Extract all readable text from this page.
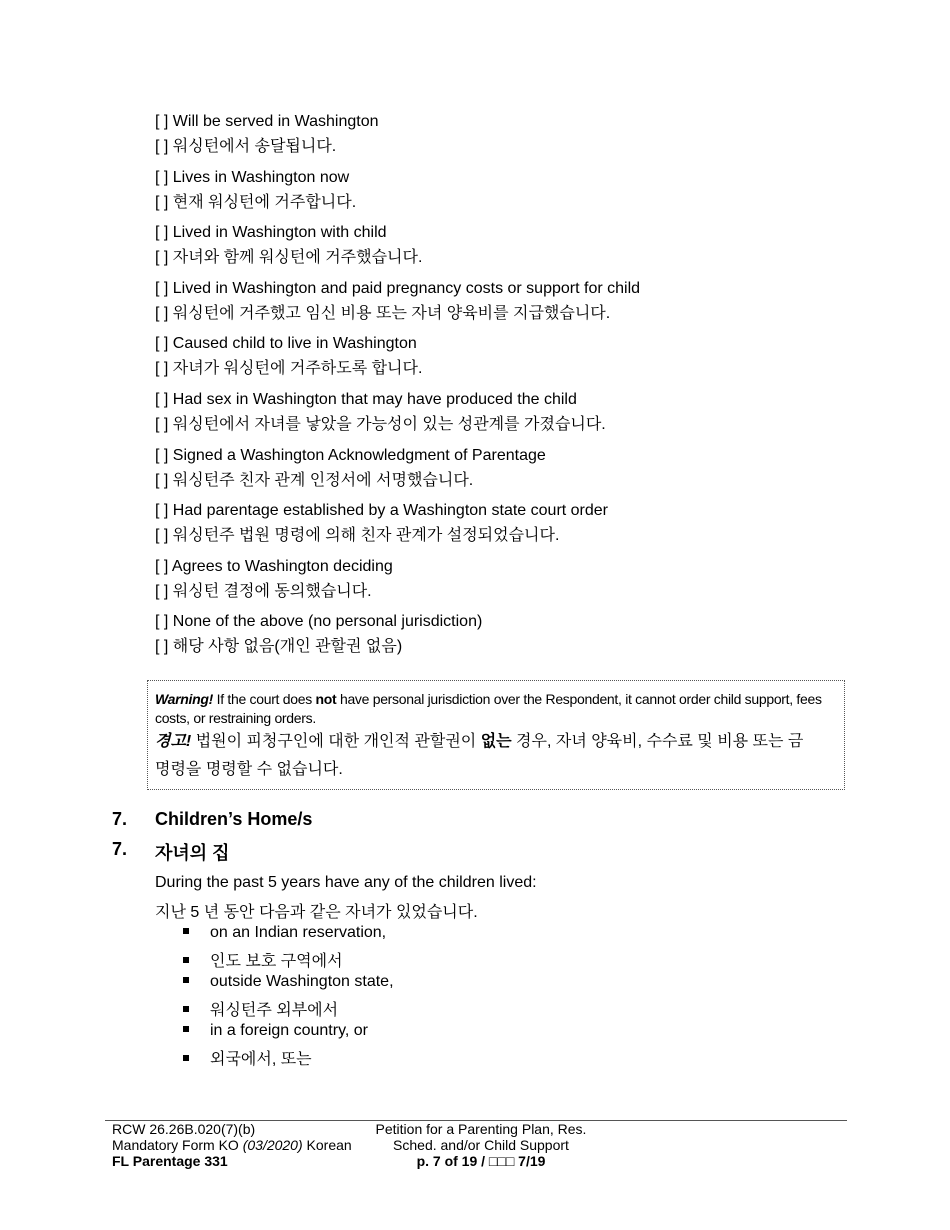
[ ] Will be served in Washington
[ ] 워싱턴에서 송달됩니다.
[ ] Lives in Washington now
[ ] 현재 워싱턴에 거주합니다.
[ ] Lived in Washington with child
[ ] 자녀와 함께 워싱턴에 거주했습니다.
[ ] Lived in Washington and paid pregnancy costs or support for child
[ ] 워싱턴에 거주했고 임신 비용 또는 자녀 양육비를 지급했습니다.
[ ] Caused child to live in Washington
[ ] 자녀가 워싱턴에 거주하도록 합니다.
[ ] Had sex in Washington that may have produced the child
[ ] 워싱턴에서 자녀를 낳았을 가능성이 있는 성관계를 가졌습니다.
[ ] Signed a Washington Acknowledgment of Parentage
[ ] 워싱턴주 친자 관계 인정서에 서명했습니다.
[ ] Had parentage established by a Washington state court order
[ ] 워싱턴주 법원 명령에 의해 친자 관계가 설정되었습니다.
[ ] Agrees to Washington deciding
[ ] 워싱턴 결정에 동의했습니다.
[ ] None of the above (no personal jurisdiction)
[ ] 해당 사항 없음(개인 관할권 없음)
Warning! If the court does not have personal jurisdiction over the Respondent, it cannot order child support, fees
costs, or restraining orders.
경고! 법원이 피청구인에 대한 개인적 관할권이 없는 경우, 자녀 양육비, 수수료 및 비용 또는 금
명령을 명령할 수 없습니다.
7. Children’s Home/s
7. 자녀의 집
During the past 5 years have any of the children lived:
지난 5 년 동안 다음과 같은 자녀가 있었습니다.
on an Indian reservation,
인도 보호 구역에서
outside Washington state,
워싱턴주 외부에서
in a foreign country, or
외국에서, 또는
RCW 26.26B.020(7)(b)
Mandatory Form KO (03/2020) Korean
FL Parentage 331
Petition for a Parenting Plan, Res.
Sched. and/or Child Support
p. 7 of 19 / □□□ 7/19
